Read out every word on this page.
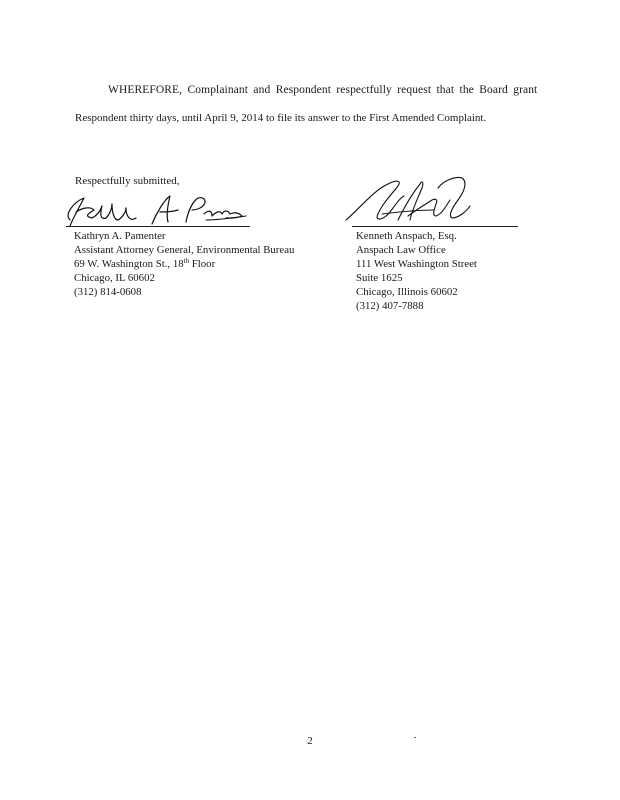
WHEREFORE, Complainant and Respondent respectfully request that the Board grant
Respondent thirty days, until April 9, 2014 to file its answer to the First Amended Complaint.
Respectfully submitted,
Kathryn A. Pamenter
Assistant Attorney General, Environmental Bureau
69 W. Washington St., 18th Floor
Chicago, IL 60602
(312) 814-0608
Kenneth Anspach, Esq.
Anspach Law Office
111 West Washington Street
Suite 1625
Chicago, Illinois 60602
(312) 407-7888
2
